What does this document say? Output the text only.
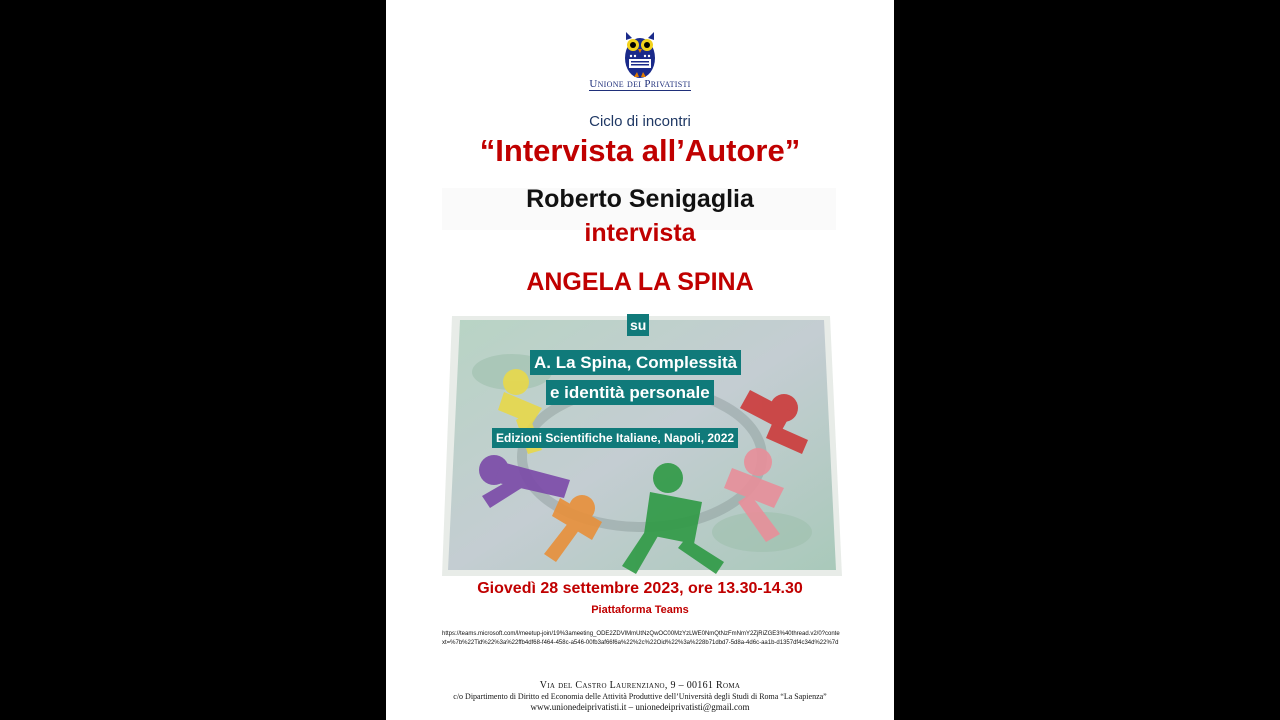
Unione dei Privatisti
Ciclo di incontri
“Intervista all’Autore”
Roberto Senigaglia
intervista
ANGELA LA SPINA
su
A. La Spina, Complessità
e identità personale
Edizioni Scientifiche Italiane, Napoli, 2022
Giovedì 28 settembre 2023, ore 13.30-14.30
Piattaforma Teams
https://teams.microsoft.com/l/meetup-join/19%3ameeting_ODE2ZDVlMmUtNzQwOC00MzYzLWE0NmQtNzFmNmY2ZjRiZGE3%40thread.v2/0?context=%7b%22Tid%22%3a%22ffb4df68-f464-458c-a546-00fb3af66f6a%22%2c%22Oid%22%3a%228b71dbd7-5d8a-4d6c-aa1b-d1357df4c34d%22%7d
Via del Castro Laurenziano, 9 – 00161 Roma
c/o Dipartimento di Diritto ed Economia delle Attività Produttive dell’Università degli Studi di Roma “La Sapienza”
www.unionedeiprivatisti.it – unionedeiprivatisti@gmail.com
